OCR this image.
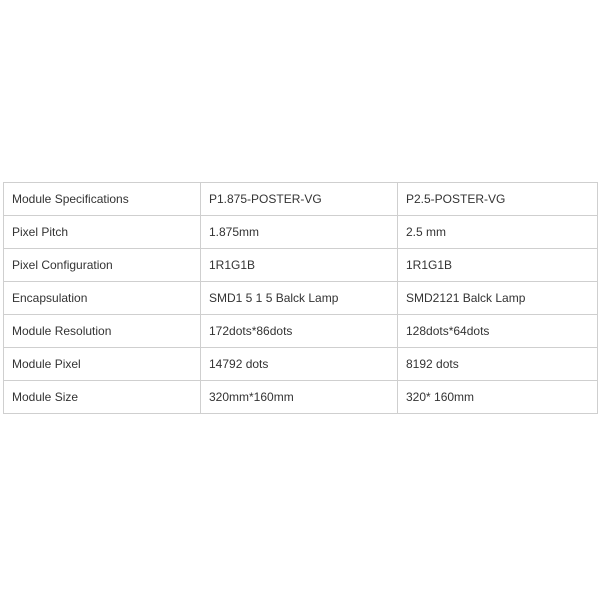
Module Specifications	P1.875-POSTER-VG	P2.5-POSTER-VG
Pixel Pitch	1.875mm	2.5 mm
Pixel Configuration	1R1G1B	1R1G1B
Encapsulation	SMD1 5 1 5 Balck Lamp	SMD2121 Balck Lamp
Module Resolution	172dots*86dots	128dots*64dots
Module Pixel	14792 dots	8192 dots
Module Size	320mm*160mm	320* 160mm
